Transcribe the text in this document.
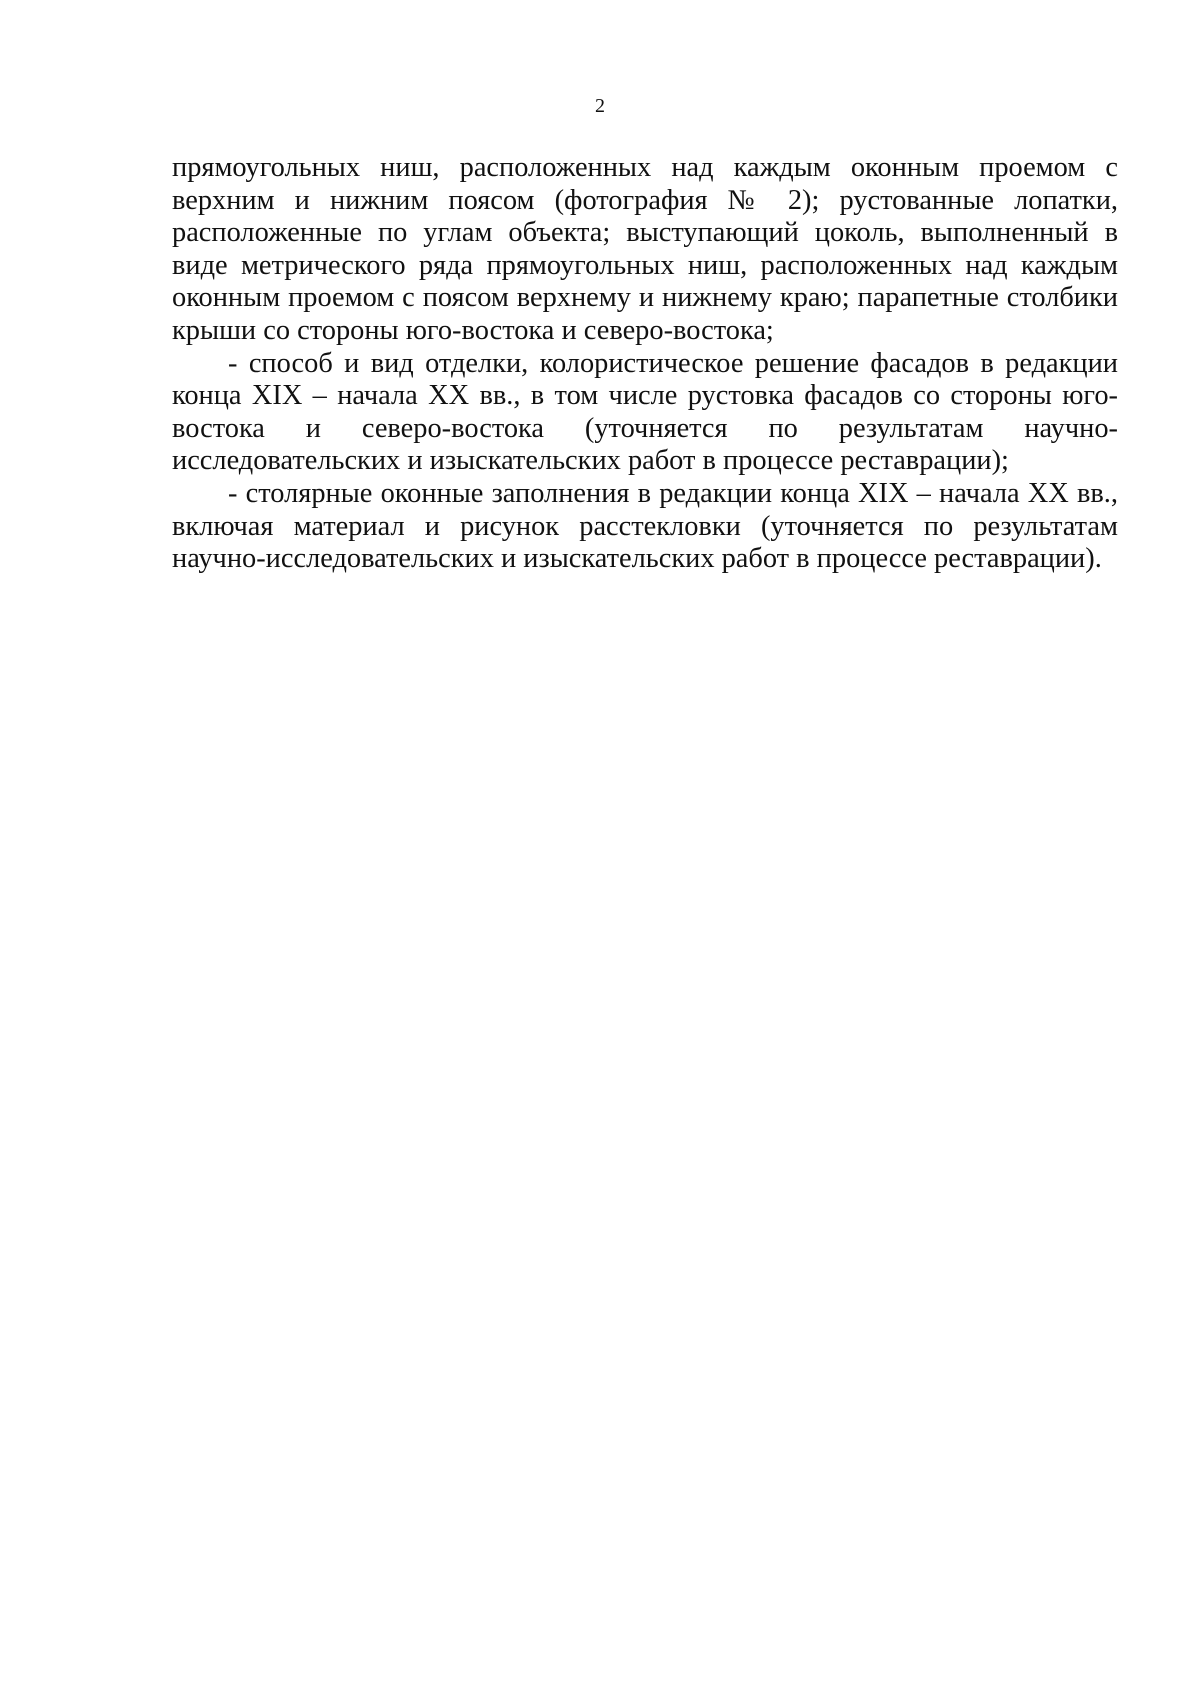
2

прямоугольных ниш, расположенных над каждым оконным проемом с верхним и нижним поясом (фотография № 2); рустованные лопатки, расположенные по углам объекта; выступающий цоколь, выполненный в виде метрического ряда прямоугольных ниш, расположенных над каждым оконным проемом с поясом верхнему и нижнему краю; парапетные столбики крыши со стороны юго-востока и северо-востока;

- способ и вид отделки, колористическое решение фасадов в редакции конца XIX – начала XX вв., в том числе рустовка фасадов со стороны юго-востока и северо-востока (уточняется по результатам научно-исследовательских и изыскательских работ в процессе реставрации);

- столярные оконные заполнения в редакции конца XIX – начала XX вв., включая материал и рисунок расстекловки (уточняется по результатам научно-исследовательских и изыскательских работ в процессе реставрации).
